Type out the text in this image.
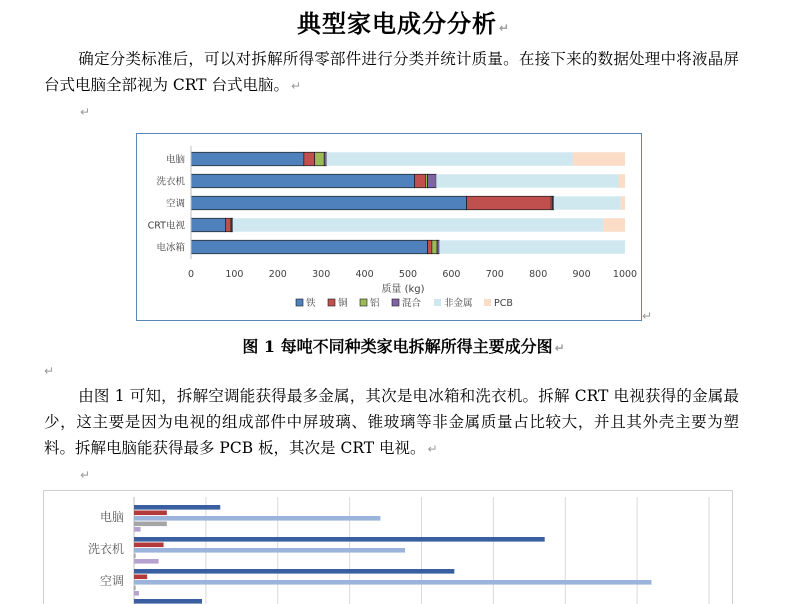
典型家电成分分析 ↵
确定分类标准后，可以对拆解所得零部件进行分类并统计质量。在接下来的数据处理中将液晶屏台式电脑全部视为 CRT 台式电脑。 ↵
↵
电脑
洗衣机
空调
CRT电视
电冰箱
0	100	200	300	400	500	600	700	800	900 1000
质量 (kg)
铁 铜 铝 混合 非金属 PCB
↵
图 1 每吨不同种类家电拆解所得主要成分图 ↵
↵
由图 1 可知，拆解空调能获得最多金属，其次是电冰箱和洗衣机。拆解 CRT 电视获得的金属最少，这主要是因为电视的组成部件中屏玻璃、锥玻璃等非金属质量占比较大，并且其外壳主要为塑料。拆解电脑能获得最多 PCB 板，其次是 CRT 电视。 ↵
↵
电脑
洗衣机
空调
